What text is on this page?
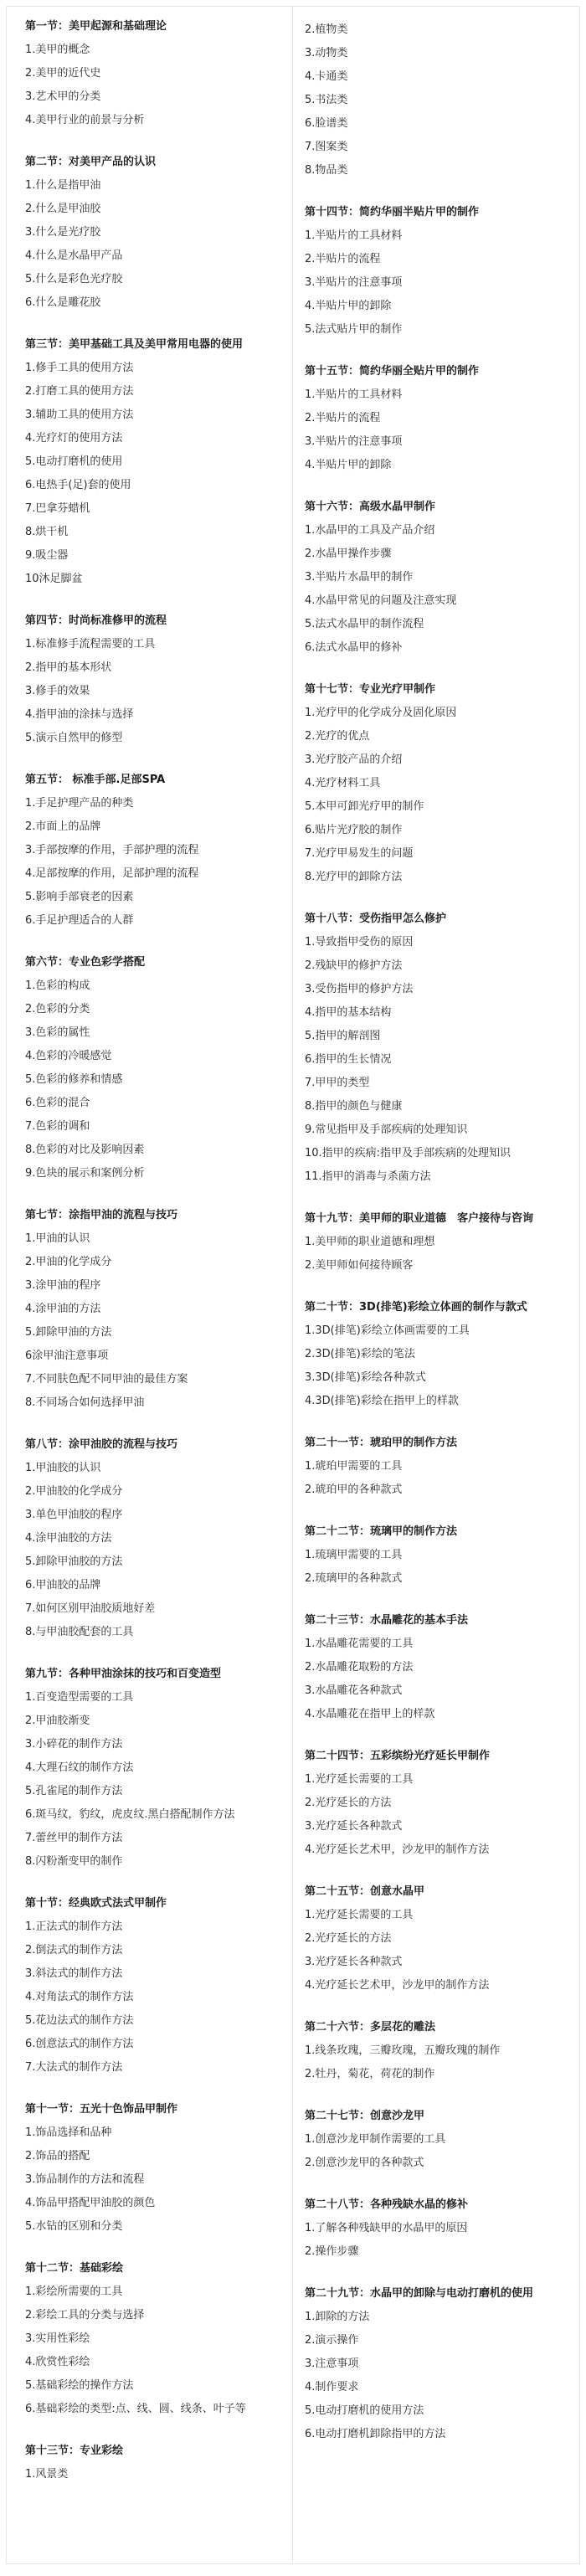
第一节：美甲起源和基础理论
1.美甲的概念
2.美甲的近代史
3.艺术甲的分类
4.美甲行业的前景与分析
第二节：对美甲产品的认识
1.什么是指甲油
2.什么是甲油胶
3.什么是光疗胶
4.什么是水晶甲产品
5.什么是彩色光疗胶
6.什么是雕花胶
第三节：美甲基础工具及美甲常用电器的使用
1.修手工具的使用方法
2.打磨工具的使用方法
3.辅助工具的使用方法
4.光疗灯的使用方法
5.电动打磨机的使用
6.电热手(足)套的使用
7.巴拿芬蜡机
8.烘干机
9.吸尘器
10沐足脚盆
第四节：时尚标准修甲的流程
1.标准修手流程需要的工具
2.指甲的基本形状
3.修手的效果
4.指甲油的涂抹与选择
5.演示自然甲的修型
第五节： 标准手部.足部SPA
1.手足护理产品的种类
2.市面上的品牌
3.手部按摩的作用，手部护理的流程
4.足部按摩的作用，足部护理的流程
5.影响手部衰老的因素
6.手足护理适合的人群
第六节：专业色彩学搭配
1.色彩的构成
2.色彩的分类
3.色彩的属性
4.色彩的冷暖感觉
5.色彩的修养和情感
6.色彩的混合
7.色彩的调和
8.色彩的对比及影响因素
9.色块的展示和案例分析
第七节：涂指甲油的流程与技巧
1.甲油的认识
2.甲油的化学成分
3.涂甲油的程序
4.涂甲油的方法
5.卸除甲油的方法
6涂甲油注意事项
7.不同肤色配不同甲油的最佳方案
8.不同场合如何选择甲油
第八节：涂甲油胶的流程与技巧
1.甲油胶的认识
2.甲油胶的化学成分
3.单色甲油胶的程序
4.涂甲油胶的方法
5.卸除甲油胶的方法
6.甲油胶的品牌
7.如何区别甲油胶质地好差
8.与甲油胶配套的工具
第九节：各种甲油涂抹的技巧和百变造型
1.百变造型需要的工具
2.甲油胶渐变
3.小碎花的制作方法
4.大理石纹的制作方法
5.孔雀尾的制作方法
6.斑马纹，豹纹，虎皮纹.黑白搭配制作方法
7.蕾丝甲的制作方法
8.闪粉渐变甲的制作
第十节：经典欧式法式甲制作
1.正法式的制作方法
2.倒法式的制作方法
3.斜法式的制作方法
4.对角法式的制作方法
5.花边法式的制作方法
6.创意法式的制作方法
7.大法式的制作方法
第十一节：五光十色饰品甲制作
1.饰品选择和品种
2.饰品的搭配
3.饰品制作的方法和流程
4.饰品甲搭配甲油胶的颜色
5.水钻的区别和分类
第十二节：基础彩绘
1.彩绘所需要的工具
2.彩绘工具的分类与选择
3.实用性彩绘
4.欣赏性彩绘
5.基础彩绘的操作方法
6.基础彩绘的类型:点、线、圆、线条、叶子等
第十三节：专业彩绘
1.风景类
2.植物类
3.动物类
4.卡通类
5.书法类
6.脸谱类
7.图案类
8.物品类
第十四节：简约华丽半贴片甲的制作
1.半贴片的工具材料
2.半贴片的流程
3.半贴片的注意事项
4.半贴片甲的卸除
5.法式贴片甲的制作
第十五节：简约华丽全贴片甲的制作
1.半贴片的工具材料
2.半贴片的流程
3.半贴片的注意事项
4.半贴片甲的卸除
第十六节：高级水晶甲制作
1.水晶甲的工具及产品介绍
2.水晶甲操作步骤
3.半贴片水晶甲的制作
4.水晶甲常见的问题及注意实现
5.法式水晶甲的制作流程
6.法式水晶甲的修补
第十七节：专业光疗甲制作
1.光疗甲的化学成分及固化原因
2.光疗的优点
3.光疗胶产品的介绍
4.光疗材料工具
5.本甲可卸光疗甲的制作
6.贴片光疗胶的制作
7.光疗甲易发生的问题
8.光疗甲的卸除方法
第十八节：受伤指甲怎么修护
1.导致指甲受伤的原因
2.残缺甲的修护方法
3.受伤指甲的修护方法
4.指甲的基本结构
5.指甲的解剖图
6.指甲的生长情况
7.甲甲的类型
8.指甲的颜色与健康
9.常见指甲及手部疾病的处理知识
10.指甲的疾病:指甲及手部疾病的处理知识
11.指甲的消毒与杀菌方法
第十九节：美甲师的职业道德　客户接待与咨询
1.美甲师的职业道德和理想
2.美甲师如何接待顾客
第二十节：3D(排笔)彩绘立体画的制作与款式
1.3D(排笔)彩绘立体画需要的工具
2.3D(排笔)彩绘的笔法
3.3D(排笔)彩绘各种款式
4.3D(排笔)彩绘在指甲上的样款
第二十一节：琥珀甲的制作方法
1.琥珀甲需要的工具
2.琥珀甲的各种款式
第二十二节：琉璃甲的制作方法
1.琉璃甲需要的工具
2.琉璃甲的各种款式
第二十三节：水晶雕花的基本手法
1.水晶雕花需要的工具
2.水晶雕花取粉的方法
3.水晶雕花各种款式
4.水晶雕花在指甲上的样款
第二十四节：五彩缤纷光疗延长甲制作
1.光疗延长需要的工具
2.光疗延长的方法
3.光疗延长各种款式
4.光疗延长艺术甲，沙龙甲的制作方法
第二十五节：创意水晶甲
1.光疗延长需要的工具
2.光疗延长的方法
3.光疗延长各种款式
4.光疗延长艺术甲，沙龙甲的制作方法
第二十六节：多层花的雕法
1.线条玫瑰，三瓣玫瑰，五瓣玫瑰的制作
2.牡丹，菊花，荷花的制作
第二十七节：创意沙龙甲
1.创意沙龙甲制作需要的工具
2.创意沙龙甲的各种款式
第二十八节：各种残缺水晶的修补
1.了解各种残缺甲的水晶甲的原因
2.操作步骤
第二十九节：水晶甲的卸除与电动打磨机的使用
1.卸除的方法
2.演示操作
3.注意事项
4.制作要求
5.电动打磨机的使用方法
6.电动打磨机卸除指甲的方法
